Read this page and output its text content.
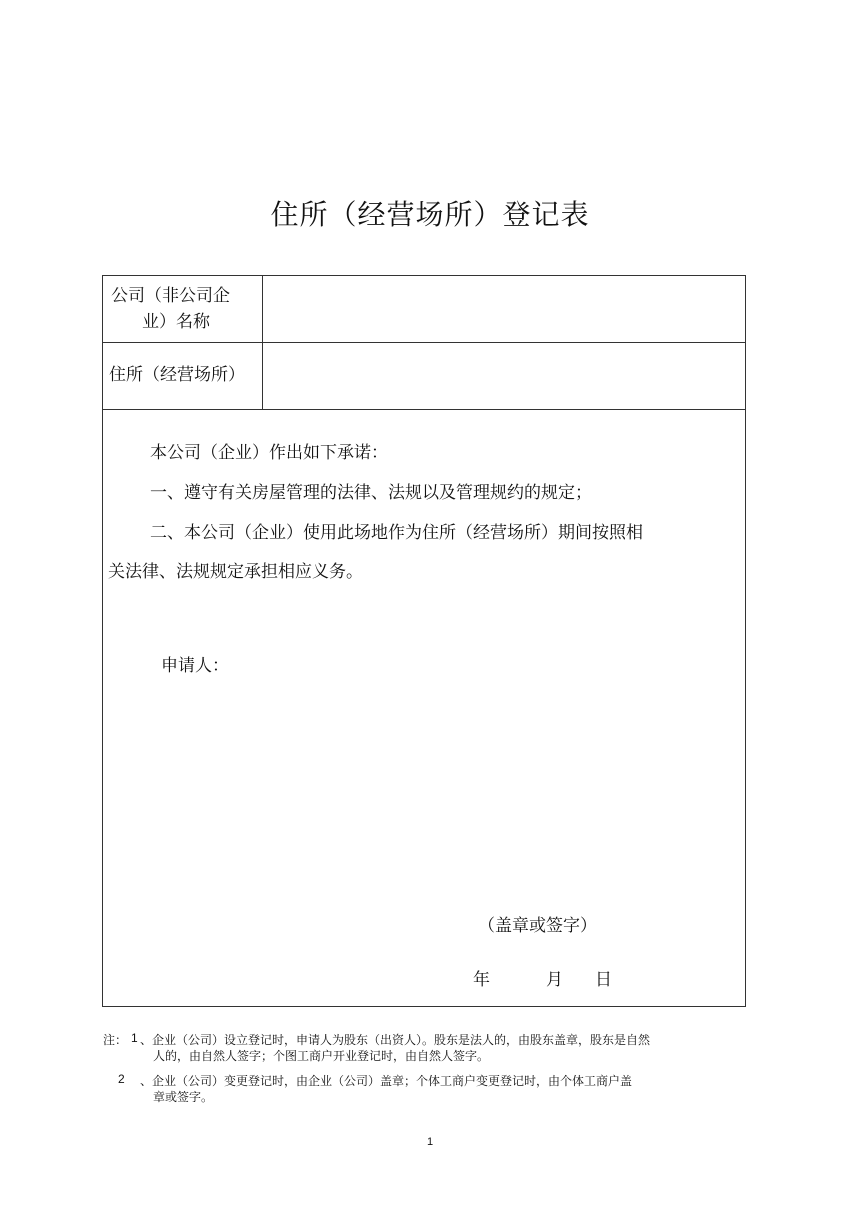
住所（经营场所）登记表
公司（非公司企
业）名称
住所（经营场所）
本公司（企业）作出如下承诺：
一、遵守有关房屋管理的法律、法规以及管理规约的规定；
二、本公司（企业）使用此场地作为住所（经营场所）期间按照相
关法律、法规规定承担相应义务。
申请人：
（盖章或签字）
年	月 日
注： 1 、企业（公司）设立登记时，申请人为股东（出资人）。股东是法人的，由股东盖章，股东是自然
人的，由自然人签字；个图工商户开业登记时，由自然人签字。
2 、企业（公司）变更登记时，由企业（公司）盖章；个体工商户变更登记时，由个体工商户盖
章或签字。
1
